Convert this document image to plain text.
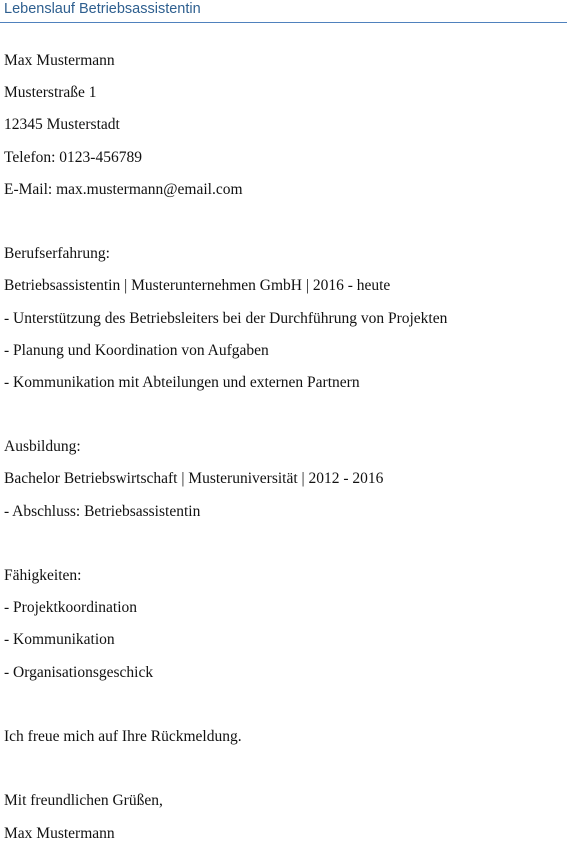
Lebenslauf Betriebsassistentin
Max Mustermann
Musterstraße 1
12345 Musterstadt
Telefon: 0123-456789
E-Mail: max.mustermann@email.com
Berufserfahrung:
Betriebsassistentin | Musterunternehmen GmbH | 2016 - heute
- Unterstützung des Betriebsleiters bei der Durchführung von Projekten
- Planung und Koordination von Aufgaben
- Kommunikation mit Abteilungen und externen Partnern
Ausbildung:
Bachelor Betriebswirtschaft | Musteruniversität | 2012 - 2016
- Abschluss: Betriebsassistentin
Fähigkeiten:
- Projektkoordination
- Kommunikation
- Organisationsgeschick
Ich freue mich auf Ihre Rückmeldung.
Mit freundlichen Grüßen,
Max Mustermann
